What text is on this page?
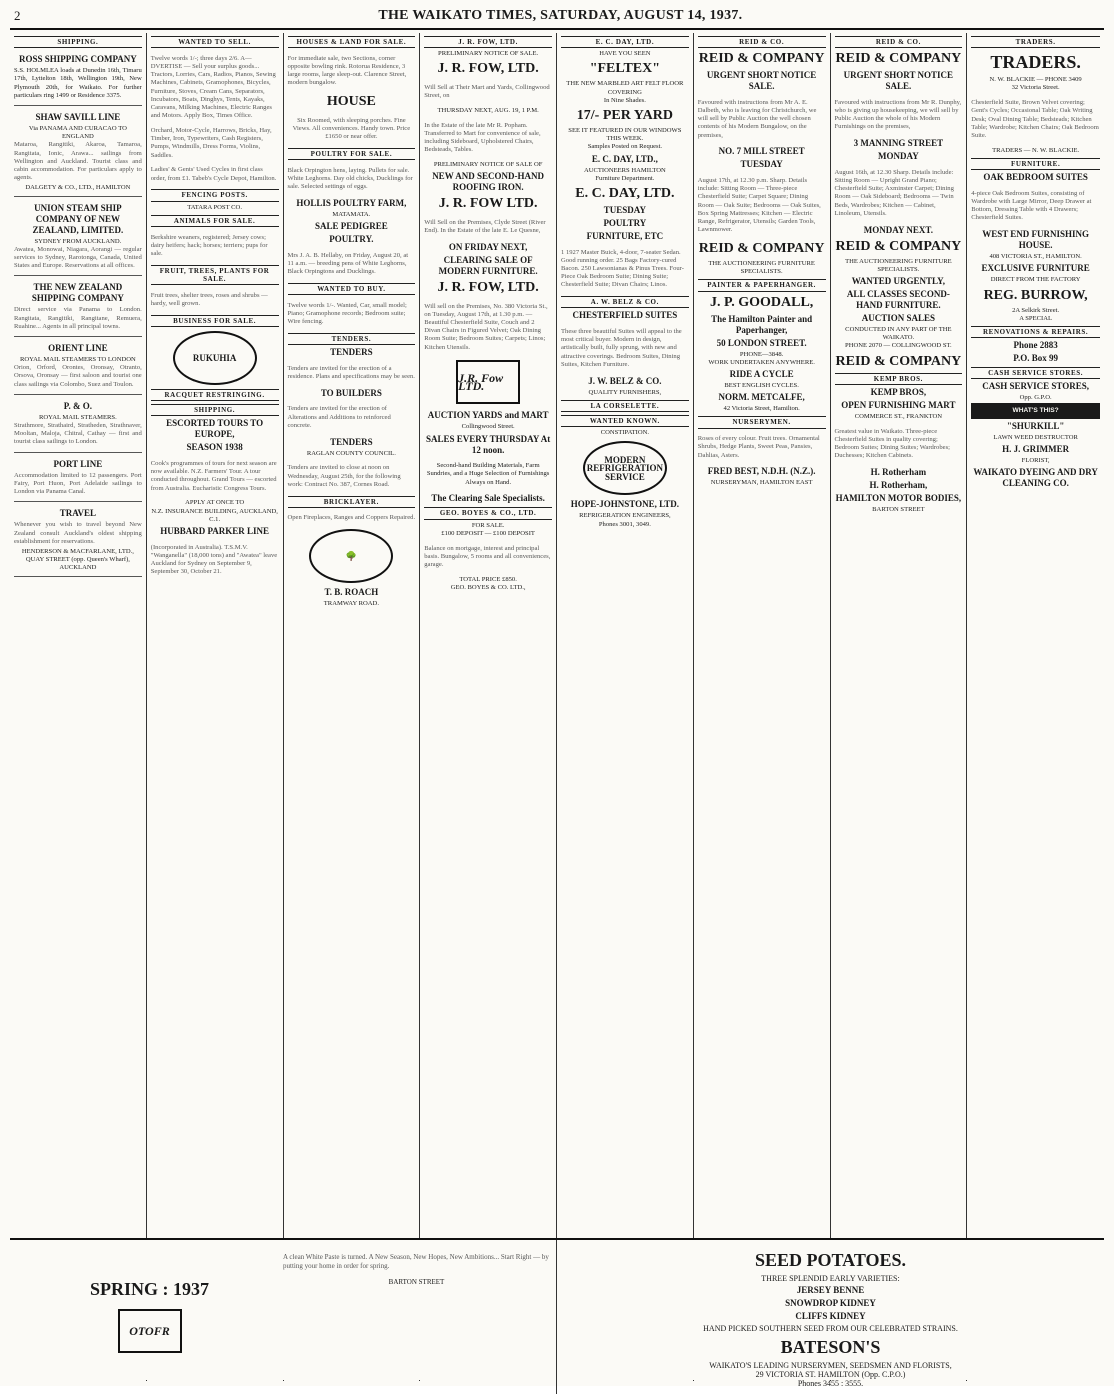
2	THE WAIKATO TIMES, SATURDAY, AUGUST 14, 1937.
SHIPPING.
ROSS SHIPPING COMPANY

S.S. HOLMLEA loads at Dunedin 16th, Timaru 17th, Lyttelton 18th, Wellington 19th, New Plymouth 20th, for Waikato. For further particulars ring 1499 or Residence 3375.

SHAW SAVILL LINE
Via PANAMA AND CURACAO TO ENGLAND

Mataroa, Rangitiki, Akaroa, Tamaroa, Rangitata, Ionic, Arawa... sailings from Wellington and Auckland. Tourist class and cabin accommodation. For particulars apply to agents.

DALGETY & CO., LTD., HAMILTON
UNION STEAM SHIP COMPANY OF NEW ZEALAND, LIMITED.
SYDNEY FROM AUCKLAND.

Awatea, Monowai, Niagara, Aorangi — regular services to Sydney, Rarotonga, Canada, United States and Europe. Reservations at all offices.

THE NEW ZEALAND SHIPPING COMPANY

Direct service via Panama to London. Rangitata, Rangitiki, Rangitane, Remuera, Ruahine... Agents in all principal towns.

ORIENT LINE
ROYAL MAIL STEAMERS TO LONDON

Orion, Orford, Orontes, Oronsay, Otranto, Orsova, Oronsay — first saloon and tourist one class sailings via Colombo, Suez and Toulon.

P. & O.
ROYAL MAIL STEAMERS.

Strathmore, Strathaird, Stratheden, Strathnaver, Mooltan, Maloja, Chitral, Cathay — first and tourist class sailings to London.

PORT LINE

Accommodation limited to 12 passengers. Port Fairy, Port Huon, Port Adelaide sailings to London via Panama Canal.

TRAVEL

Whenever you wish to travel beyond New Zealand consult Auckland's oldest shipping establishment for reservations.

HENDERSON & MACFARLANE, LTD., QUAY STREET (opp. Queen's Wharf), AUCKLAND
WANTED TO SELL.

Twelve words 1/-; three days 2/6. A—DVERTISE — Sell your surplus goods... Tractors, Lorries, Cars, Radios, Pianos, Sewing Machines, Cabinets, Gramophones, Bicycles, Furniture, Stoves, Cream Cans, Separators, Incubators, Boats, Dinghys, Tents, Kayaks, Caravans, Milking Machines, Electric Ranges and Motors. Apply Box, Times Office.

Orchard, Motor-Cycle, Harrows, Bricks, Hay, Timber, Iron, Typewriters, Cash Registers, Pumps, Windmills, Dress Forms, Violins, Saddles.

Ladies' & Gents' Used Cycles in first class order, from £1. Tabeb's Cycle Depot, Hamilton.

FENCING POSTS.
TATARA POST CO.
ANIMALS FOR SALE.

Berkshire weaners, registered; Jersey cows; dairy heifers; hack; horses; terriers; pups for sale.

FRUIT, TREES, PLANTS FOR SALE.

Fruit trees, shelter trees, roses and shrubs — hardy, well grown.

BUSINESS FOR SALE.
RUKUHIA
RACQUET RESTRINGING.
SHIPPING.
ESCORTED TOURS TO EUROPE,
SEASON 1938

Cook's programmes of tours for next season are now available. N.Z. Farmers' Tour. A tour conducted throughout. Grand Tours — escorted from Australia. Eucharistic Congress Tours.

APPLY AT ONCE TO
N.Z. INSURANCE BUILDING, AUCKLAND, C.1.
HUBBARD PARKER LINE

(Incorporated in Australia). T.S.M.V. "Wanganella" (18,000 tons) and "Awatea" leave Auckland for Sydney on September 9, September 30, October 21.

HOUSES & LAND FOR SALE.

For immediate sale, two Sections, corner opposite bowling rink. Rotorua Residence, 3 large rooms, large sleep-out. Clarence Street, modern bungalow.

HOUSE

Six Roomed, with sleeping porches. Fine Views. All conveniences. Handy town. Price £1650 or near offer.

POULTRY FOR SALE.

Black Orpington hens, laying. Pullets for sale. White Leghorns. Day old chicks, Ducklings for sale. Selected settings of eggs.

HOLLIS POULTRY FARM,
MATAMATA.
SALE PEDIGREE
POULTRY.

Mrs J. A. B. Hellaby, on Friday, August 20, at 11 a.m. — breeding pens of White Leghorns, Black Orpingtons and Ducklings.

WANTED TO BUY.

Twelve words 1/-. Wanted, Car, small model; Piano; Gramophone records; Bedroom suite; Wire fencing.

TENDERS.
TENDERS

Tenders are invited for the erection of a residence. Plans and specifications may be seen.

TO BUILDERS

Tenders are invited for the erection of Alterations and Additions to reinforced concrete.

TENDERS
RAGLAN COUNTY COUNCIL.

Tenders are invited to close at noon on Wednesday, August 25th, for the following work: Contract No. 387, Cornes Road.

BRICKLAYER.

Open Fireplaces, Ranges and Coppers Repaired.

🌳
T. B. ROACH
TRAMWAY ROAD.
J. R. FOW, LTD.
PRELIMINARY NOTICE OF SALE.
J. R. FOW, LTD.

Will Sell at Their Mart and Yards, Collingwood Street, on

THURSDAY NEXT, AUG. 19, 1 P.M.

In the Estate of the late Mr R. Popham. Transferred to Mart for convenience of sale, including Sideboard, Upholstered Chairs, Bedsteads, Tables.

PRELIMINARY NOTICE OF SALE OF
NEW AND SECOND-HAND ROOFING IRON.
J. R. FOW LTD.

Will Sell on the Premises, Clyde Street (River End). In the Estate of the late E. Le Quesne,

ON FRIDAY NEXT,
CLEARING SALE OF MODERN FURNITURE.
J. R. FOW, LTD.

Will sell on the Premises, No. 380 Victoria St., on Tuesday, August 17th, at 1.30 p.m. — Beautiful Chesterfield Suite, Couch and 2 Divan Chairs in Figured Velvet; Oak Dining Room Suite; Bedroom Suites; Carpets; Linos; Kitchen Utensils.

J.R. Fow LTD.
AUCTION YARDS and MART
Collingwood Street.
SALES EVERY THURSDAY At 12 noon.

Second-hand Building Materials, Farm Sundries, and a Huge Selection of Furnishings Always on Hand.

The Clearing Sale Specialists.
GEO. BOYES & CO., LTD.
FOR SALE.
£100 DEPOSIT — £100 DEPOSIT

Balance on mortgage, interest and principal basis. Bungalow, 5 rooms and all conveniences, garage.

TOTAL PRICE £850.
GEO. BOYES & CO. LTD.,
E. C. DAY, LTD.
HAVE YOU SEEN
"FELTEX"
THE NEW MARBLED ART FELT FLOOR COVERING
In Nine Shades.
17/- PER YARD
SEE IT FEATURED IN OUR WINDOWS THIS WEEK.
Samples Posted on Request.
E. C. DAY, LTD.,
AUCTIONEERS HAMILTON
Furniture Department.
E. C. DAY, LTD.
TUESDAY
POULTRY
FURNITURE, ETC

1 1927 Master Buick, 4-door, 7-seater Sedan. Good running order. 25 Bags Factory-cured Bacon. 250 Lawsonianas & Pinus Trees. Four-Piece Oak Bedroom Suite; Dining Suite; Chesterfield Suite; Divan Chairs; Linos.

A. W. BELZ & CO.
CHESTERFIELD SUITES

These three beautiful Suites will appeal to the most critical buyer. Modern in design, artistically built, fully sprung, with new and attractive coverings. Bedroom Suites, Dining Suites, Kitchen Furniture.

J. W. BELZ & CO.
QUALITY FURNISHERS,
LA CORSELETTE.
WANTED KNOWN.
CONSTIPATION.
MODERN REFRIGERATION SERVICE
HOPE-JOHNSTONE, LTD.
REFRIGERATION ENGINEERS,
Phones 3001, 3049.
REID & CO.
REID & COMPANY
URGENT SHORT NOTICE SALE.

Favoured with instructions from Mr A. E. Dalbeth, who is leaving for Christchurch, we will sell by Public Auction the well chosen contents of his Modern Bungalow, on the premises,

NO. 7 MILL STREET
TUESDAY

August 17th, at 12.30 p.m. Sharp. Details include: Sitting Room — Three-piece Chesterfield Suite; Carpet Square; Dining Room — Oak Suite; Bedrooms — Oak Suites, Box Spring Mattresses; Kitchen — Electric Range, Refrigerator, Utensils; Garden Tools, Lawnmower.

REID & COMPANY
THE AUCTIONEERING FURNITURE SPECIALISTS.
PAINTER & PAPERHANGER.
J. P. GOODALL,
The Hamilton Painter and Paperhanger,
50 LONDON STREET.
PHONE—3848.
WORK UNDERTAKEN ANYWHERE.
RIDE A CYCLE
BEST ENGLISH CYCLES.
NORM. METCALFE,
42 Victoria Street, Hamilton.
NURSERYMEN.

Roses of every colour. Fruit trees. Ornamental Shrubs, Hedge Plants, Sweet Peas, Pansies, Dahlias, Asters.

FRED BEST, N.D.H. (N.Z.).
NURSERYMAN, HAMILTON EAST
REID & CO.
REID & COMPANY
URGENT SHORT NOTICE SALE.

Favoured with instructions from Mr R. Dunphy, who is giving up housekeeping, we will sell by Public Auction the whole of his Modern Furnishings on the premises,

3 MANNING STREET
MONDAY

August 16th, at 12.30 Sharp. Details include: Sitting Room — Upright Grand Piano; Chesterfield Suite; Axminster Carpet; Dining Room — Oak Sideboard; Bedrooms — Twin Beds, Wardrobes; Kitchen — Cabinet, Linoleum, Utensils.

MONDAY NEXT.
REID & COMPANY
THE AUCTIONEERING FURNITURE SPECIALISTS.
WANTED URGENTLY,
ALL CLASSES SECOND-HAND FURNITURE.
AUCTION SALES
CONDUCTED IN ANY PART OF THE WAIKATO.
PHONE 2070 — COLLINGWOOD ST.
REID & COMPANY
KEMP BROS.
KEMP BROS,
OPEN FURNISHING MART
COMMERCE ST., FRANKTON

Greatest value in Waikato. Three-piece Chesterfield Suites in quality covering; Bedroom Suites; Dining Suites; Wardrobes; Duchesses; Kitchen Cabinets.

H. Rotherham
H. Rotherham,
HAMILTON MOTOR BODIES,
BARTON STREET
TRADERS.
TRADERS.
N. W. BLACKIE — PHONE 3409
32 Victoria Street.

Chesterfield Suite, Brown Velvet covering; Gent's Cycles; Occasional Table; Oak Writing Desk; Oval Dining Table; Bedsteads; Kitchen Table; Wardrobe; Kitchen Chairs; Oak Bedroom Suite.

TRADERS — N. W. BLACKIE.
FURNITURE.
OAK BEDROOM SUITES

4-piece Oak Bedroom Suites, consisting of Wardrobe with Large Mirror, Deep Drawer at Bottom, Dressing Table with 4 Drawers; Chesterfield Suites.

WEST END FURNISHING HOUSE.
408 VICTORIA ST., HAMILTON.
EXCLUSIVE FURNITURE
DIRECT FROM THE FACTORY
REG. BURROW,
2A Selkirk Street.
A SPECIAL
RENOVATIONS & REPAIRS.
Phone 2883
P.O. Box 99
CASH SERVICE STORES.
CASH SERVICE STORES,
Opp. G.P.O.
WHAT'S THIS?
"SHURKILL"
LAWN WEED DESTRUCTOR
H. J. GRIMMER
FLORIST,
WAIKATO DYEING AND DRY CLEANING CO.
SPRING : 1937
OTOFR

A clean White Paste is turned. A New Season, New Hopes, New Ambitions... Start Right — by putting your home in order for spring.

BARTON STREET
SEED POTATOES.
THREE SPLENDID EARLY VARIETIES:
JERSEY BENNE
SNOWDROP KIDNEY
CLIFFS KIDNEY
HAND PICKED SOUTHERN SEED FROM OUR CELEBRATED STRAINS.
BATESON'S
WAIKATO'S LEADING NURSERYMEN, SEEDSMEN AND FLORISTS,
29 VICTORIA ST. HAMILTON (Opp. C.P.O.)
Phones 3455 : 3555.
